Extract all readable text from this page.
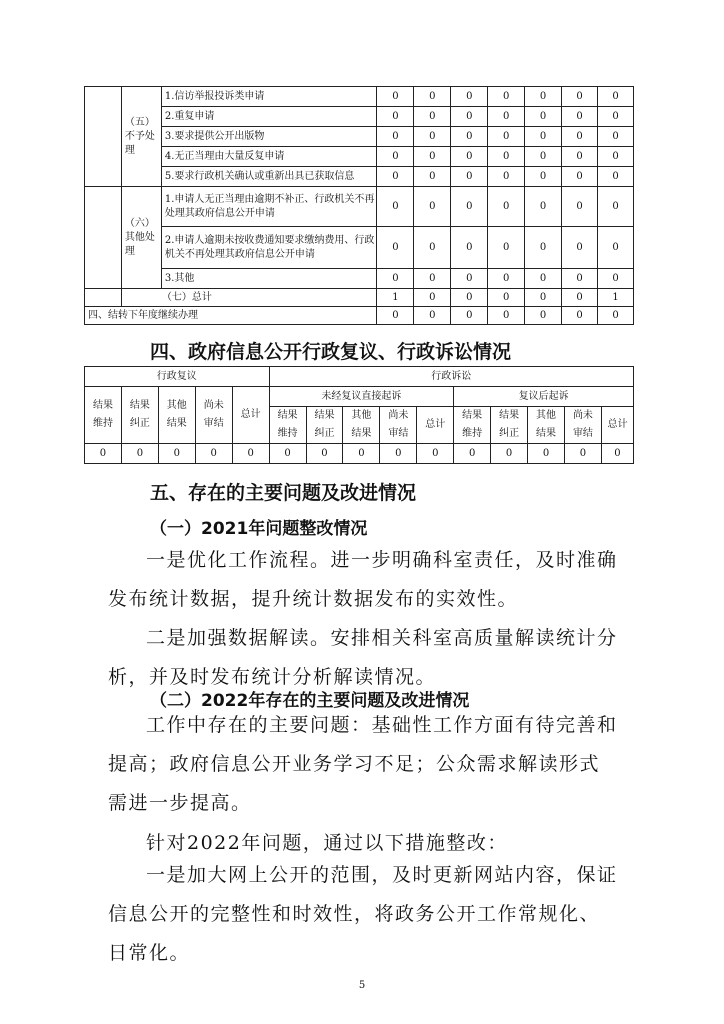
	（五）不予处理	1.信访举报投诉类申请	0	0	0	0	0	0	0
		2.重复申请	0	0	0	0	0	0	0
		3.要求提供公开出版物	0	0	0	0	0	0	0
		4.无正当理由大量反复申请	0	0	0	0	0	0	0
		5.要求行政机关确认或重新出具已获取信息	0	0	0	0	0	0	0
	（六）其他处理	1.申请人无正当理由逾期不补正、行政机关不再处理其政府信息公开申请	0	0	0	0	0	0	0
		2.申请人逾期未按收费通知要求缴纳费用、行政机关不再处理其政府信息公开申请	0	0	0	0	0	0	0
		3.其他	0	0	0	0	0	0	0
	（七）总计		1	0	0	0	0	0	1
四、结转下年度继续办理			0	0	0	0	0	0	0
四、政府信息公开行政复议、行政诉讼情况
行政复议					行政诉讼									
结果维持	结果纠正	其他结果	尚未审结	总计	未经复议直接起诉					复议后起诉				
					结果维持	结果纠正	其他结果	尚未审结	总计	结果维持	结果纠正	其他结果	尚未审结	总计
0	0	0	0	0	0	0	0	0	0	0	0	0	0	0
五、存在的主要问题及改进情况
（一）2021年问题整改情况
一是优化工作流程。进一步明确科室责任，及时准确发布统计数据，提升统计数据发布的实效性。
二是加强数据解读。安排相关科室高质量解读统计分析，并及时发布统计分析解读情况。
（二）2022年存在的主要问题及改进情况
工作中存在的主要问题：基础性工作方面有待完善和提高；政府信息公开业务学习不足；公众需求解读形式需进一步提高。
针对2022年问题，通过以下措施整改：
一是加大网上公开的范围，及时更新网站内容，保证信息公开的完整性和时效性，将政务公开工作常规化、日常化。
5
